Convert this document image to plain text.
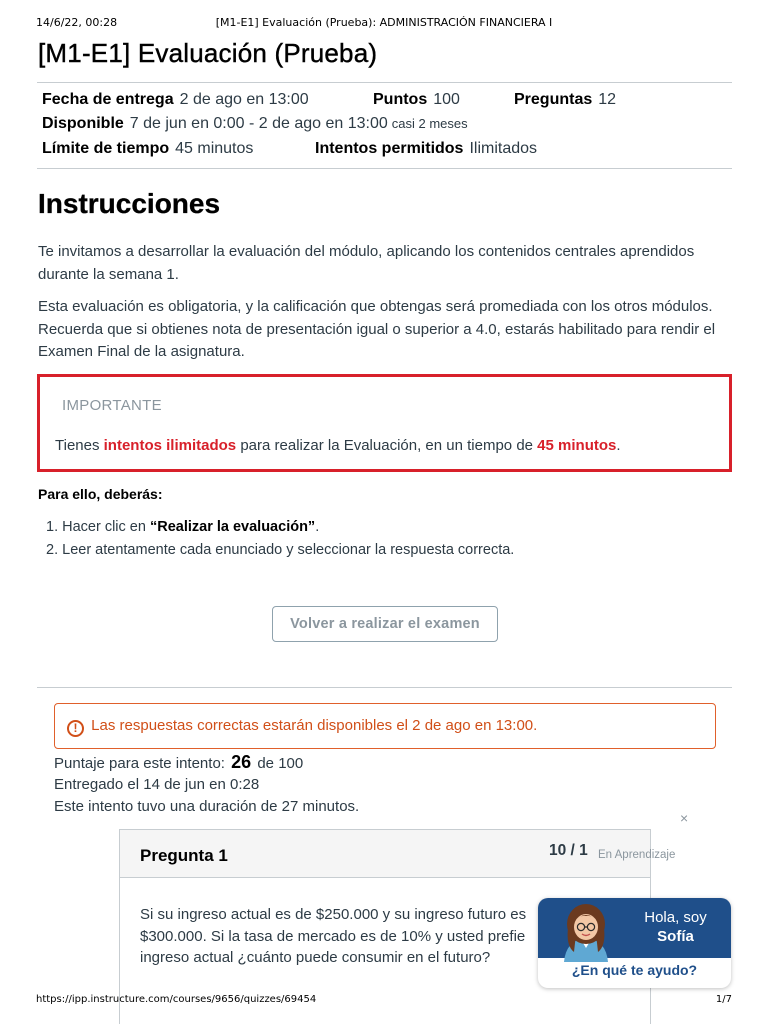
14/6/22, 00:28	[M1-E1] Evaluación (Prueba): ADMINISTRACIÓN FINANCIERA I
[M1-E1] Evaluación (Prueba)
Fecha de entrega 2 de ago en 13:00	Puntos 100	Preguntas 12
Disponible 7 de jun en 0:00 - 2 de ago en 13:00 casi 2 meses
Límite de tiempo 45 minutos	Intentos permitidos Ilimitados
Instrucciones

Te invitamos a desarrollar la evaluación del módulo, aplicando los contenidos centrales aprendidos durante la semana 1.

Esta evaluación es obligatoria, y la calificación que obtengas será promediada con los otros módulos. Recuerda que si obtienes nota de presentación igual o superior a 4.0, estarás habilitado para rendir el Examen Final de la asignatura.

IMPORTANTE
Tienes intentos ilimitados para realizar la Evaluación, en un tiempo de 45 minutos.

Para ello, deberás:

1. Hacer clic en “Realizar la evaluación”.
2. Leer atentamente cada enunciado y seleccionar la respuesta correcta.
Volver a realizar el examen
! Las respuestas correctas estarán disponibles el 2 de ago en 13:00.
Puntaje para este intento: 26 de 100
Entregado el 14 de jun en 0:28
Este intento tuvo una duración de 27 minutos.
×
Pregunta 1	10 / 1
Si su ingreso actual es de $250.000 y su ingreso futuro es $300.000. Si la tasa de mercado es de 10% y usted prefie ingreso actual ¿cuánto puede consumir en el futuro?
En Aprendizaje
Hola, soy
Sofía
¿En qué te ayudo?
https://ipp.instructure.com/courses/9656/quizzes/69454	1/7
